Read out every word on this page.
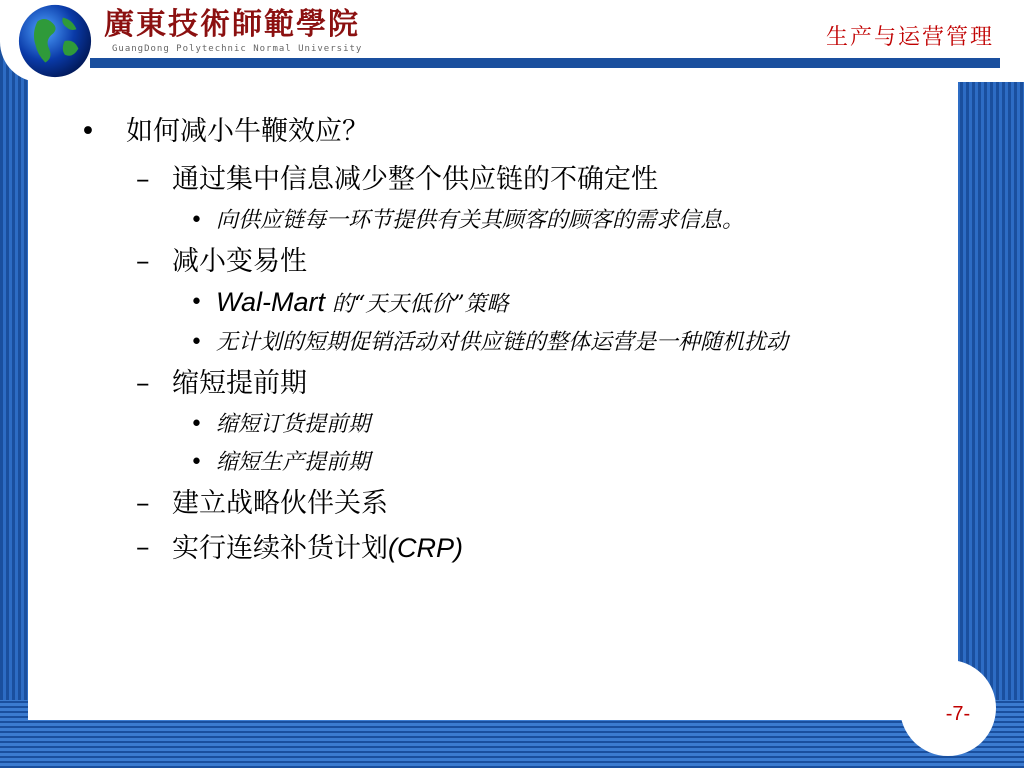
廣東技術師範學院
GuangDong Polytechnic Normal University	生产与运营管理
• 如何减小牛鞭效应？
– 通过集中信息减少整个供应链的不确定性
• 向供应链每一环节提供有关其顾客的顾客的需求信息。
– 减小变易性
• Wal-Mart 的“天天低价”策略
• 无计划的短期促销活动对供应链的整体运营是一种随机扰动
– 缩短提前期
• 缩短订货提前期
• 缩短生产提前期
– 建立战略伙伴关系
– 实行连续补货计划(CRP)
-7-
